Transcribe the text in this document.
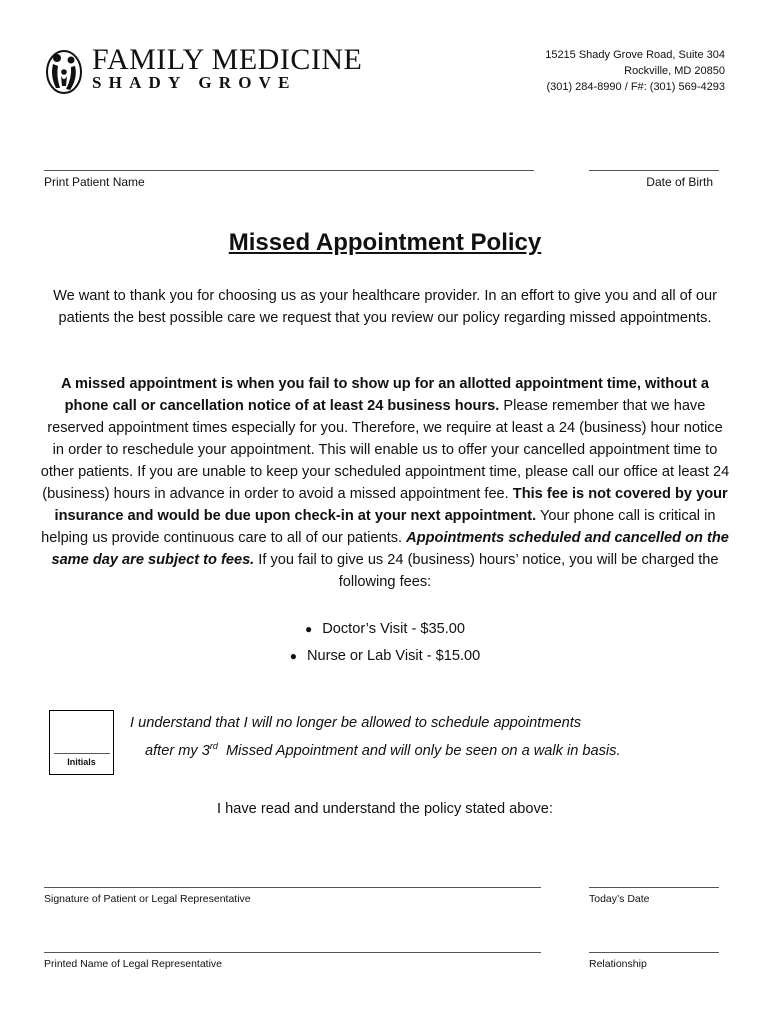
FAMILY MEDICINE
SHADY GROVE
15215 Shady Grove Road, Suite 304
Rockville, MD 20850
(301) 284-8990 / F#: (301) 569-4293
Print Patient Name	Date of Birth
Missed Appointment Policy
We want to thank you for choosing us as your healthcare provider. In an effort to give you and all of our patients the best possible care we request that you review our policy regarding missed appointments.
A missed appointment is when you fail to show up for an allotted appointment time, without a phone call or cancellation notice of at least 24 business hours. Please remember that we have reserved appointment times especially for you. Therefore, we require at least a 24 (business) hour notice in order to reschedule your appointment. This will enable us to offer your cancelled appointment time to other patients. If you are unable to keep your scheduled appointment time, please call our office at least 24 (business) hours in advance in order to avoid a missed appointment fee. This fee is not covered by your insurance and would be due upon check-in at your next appointment. Your phone call is critical in helping us provide continuous care to all of our patients. Appointments scheduled and cancelled on the same day are subject to fees. If you fail to give us 24 (business) hours’ notice, you will be charged the following fees:
● Doctor’s Visit - $35.00
● Nurse or Lab Visit - $15.00
Initials
I understand that I will no longer be allowed to schedule appointments
after my 3rd  Missed Appointment and will only be seen on a walk in basis.
I have read and understand the policy stated above:
Signature of Patient or Legal Representative	Today’s Date
Printed Name of Legal Representative	Relationship
